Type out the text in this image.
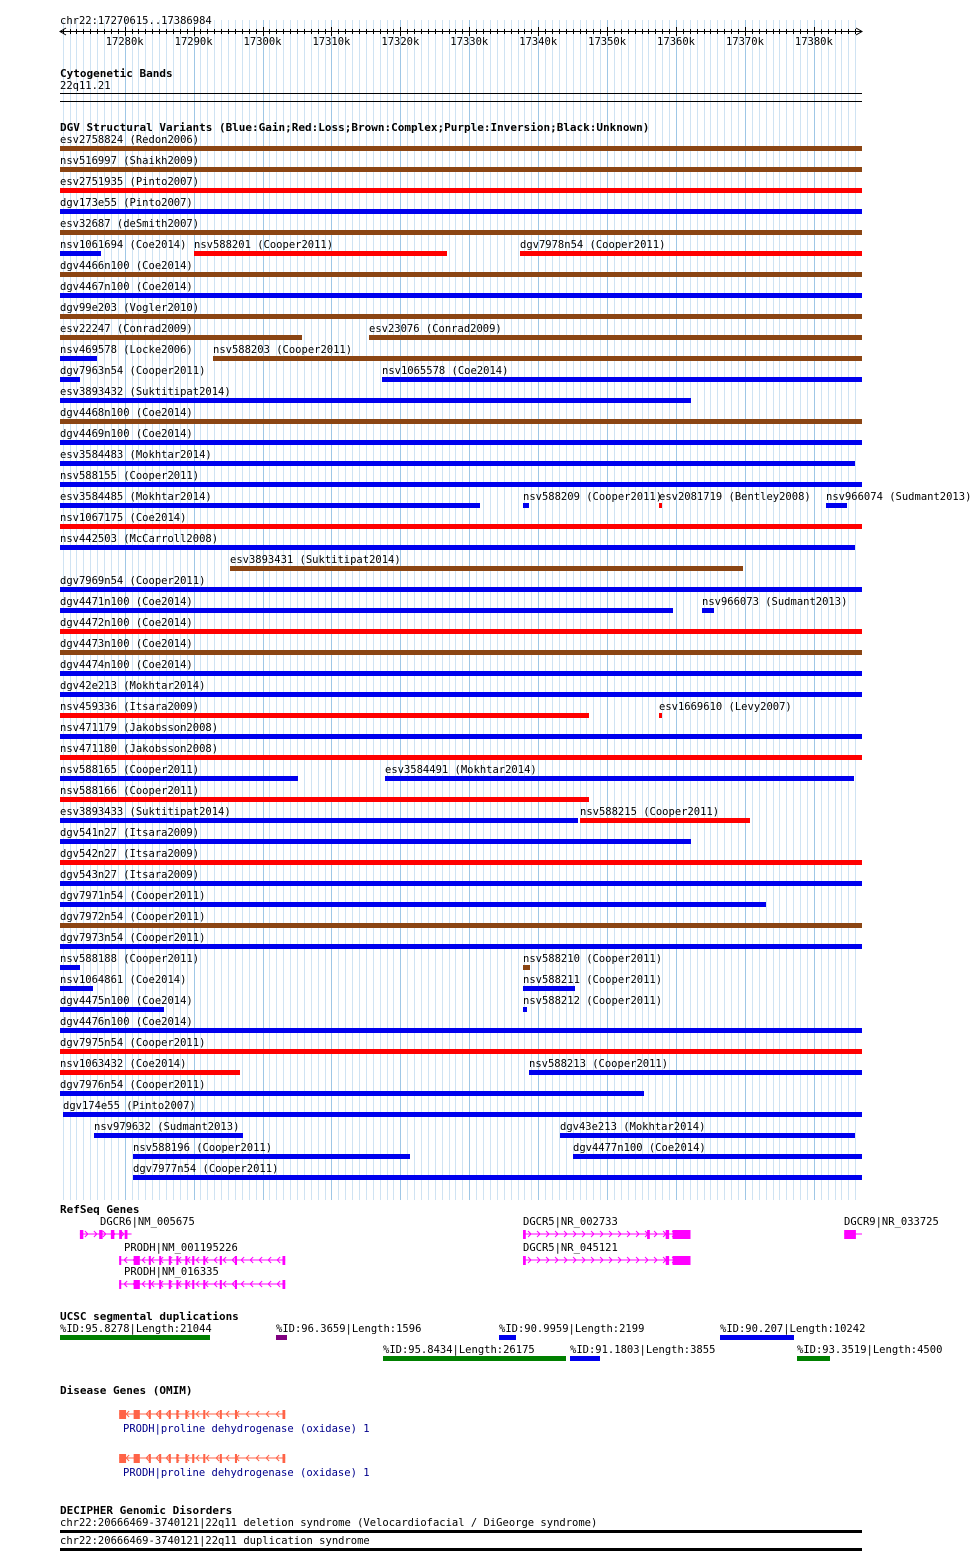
chr22:17270615..17386984
17280k	17290k	17300k	17310k	17320k	17330k	17340k	17350k	17360k	17370k	17380k
Cytogenetic Bands
22q11.21
DGV Structural Variants (Blue:Gain;Red:Loss;Brown:Complex;Purple:Inversion;Black:Unknown)
esv2758824 (Redon2006)
nsv516997 (Shaikh2009)
esv2751935 (Pinto2007)
dgv173e55 (Pinto2007)
esv32687 (deSmith2007)
nsv1061694 (Coe2014) nsv588201 (Cooper2011)	dgv7978n54 (Cooper2011)
dgv4466n100 (Coe2014)
dgv4467n100 (Coe2014)
dgv99e203 (Vogler2010)
esv22247 (Conrad2009)	esv23076 (Conrad2009)
nsv469578 (Locke2006) nsv588203 (Cooper2011)
dgv7963n54 (Cooper2011)	nsv1065578 (Coe2014)
esv3893432 (Suktitipat2014)
dgv4468n100 (Coe2014)
dgv4469n100 (Coe2014)
esv3584483 (Mokhtar2014)
nsv588155 (Cooper2011)
esv3584485 (Mokhtar2014)	nsv588209 (Cooper2011)
esv2081719 (Bentley2008) nsv966074 (Sudmant2013)
nsv1067175 (Coe2014)
nsv442503 (McCarroll2008)
esv3893431 (Suktitipat2014)
dgv7969n54 (Cooper2011)
dgv4471n100 (Coe2014)	nsv966073 (Sudmant2013)
dgv4472n100 (Coe2014)
dgv4473n100 (Coe2014)
dgv4474n100 (Coe2014)
dgv42e213 (Mokhtar2014)
nsv459336 (Itsara2009)	esv1669610 (Levy2007)
nsv471179 (Jakobsson2008)
nsv471180 (Jakobsson2008)
nsv588165 (Cooper2011)	esv3584491 (Mokhtar2014)
nsv588166 (Cooper2011)
esv3893433 (Suktitipat2014)	nsv588215 (Cooper2011)
dgv541n27 (Itsara2009)
dgv542n27 (Itsara2009)
dgv543n27 (Itsara2009)
dgv7971n54 (Cooper2011)
dgv7972n54 (Cooper2011)
dgv7973n54 (Cooper2011)
nsv588188 (Cooper2011)	nsv588210 (Cooper2011)
nsv1064861 (Coe2014)	nsv588211 (Cooper2011)
dgv4475n100 (Coe2014)	nsv588212 (Cooper2011)
dgv4476n100 (Coe2014)
dgv7975n54 (Cooper2011)
nsv1063432 (Coe2014)	nsv588213 (Cooper2011)
dgv7976n54 (Cooper2011)
dgv174e55 (Pinto2007)
nsv979632 (Sudmant2013)	dgv43e213 (Mokhtar2014)
nsv588196 (Cooper2011)	dgv4477n100 (Coe2014)
dgv7977n54 (Cooper2011)
RefSeq Genes
DGCR6|NM_005675	DGCR5|NR_002733	DGCR9|NR_033725
PRODH|NM_001195226	DGCR5|NR_045121
PRODH|NM_016335
UCSC segmental duplications
%ID:95.8278|Length:21044	%ID:96.3659|Length:1596	%ID:90.9959|Length:2199	%ID:90.207|Length:10242
%ID:95.8434|Length:26175	%ID:91.1803|Length:3855	%ID:93.3519|Length:4500
Disease Genes (OMIM)
PRODH|proline dehydrogenase (oxidase) 1
PRODH|proline dehydrogenase (oxidase) 1
DECIPHER Genomic Disorders
chr22:20666469-3740121|22q11 deletion syndrome (Velocardiofacial / DiGeorge syndrome)
chr22:20666469-3740121|22q11 duplication syndrome
